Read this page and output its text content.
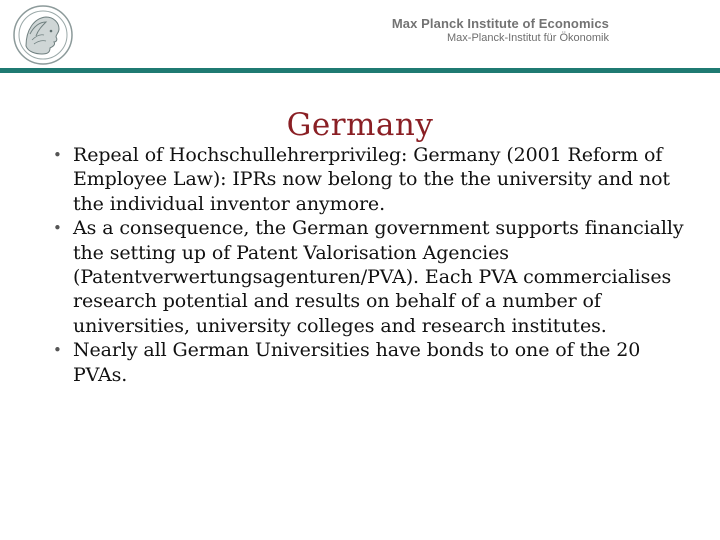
Max Planck Institute of Economics
Max-Planck-Institut für Ökonomik
Germany
• Repeal of Hochschullehrerprivileg: Germany (2001 Reform of Employee Law): IPRs now belong to the the university and not the individual inventor anymore.
• As a consequence, the German government supports financially the setting up of Patent Valorisation Agencies (Patentverwertungsagenturen/PVA). Each PVA commercialises research potential and results on behalf of a number of universities, university colleges and research institutes.
• Nearly all German Universities have bonds to one of the 20 PVAs.
